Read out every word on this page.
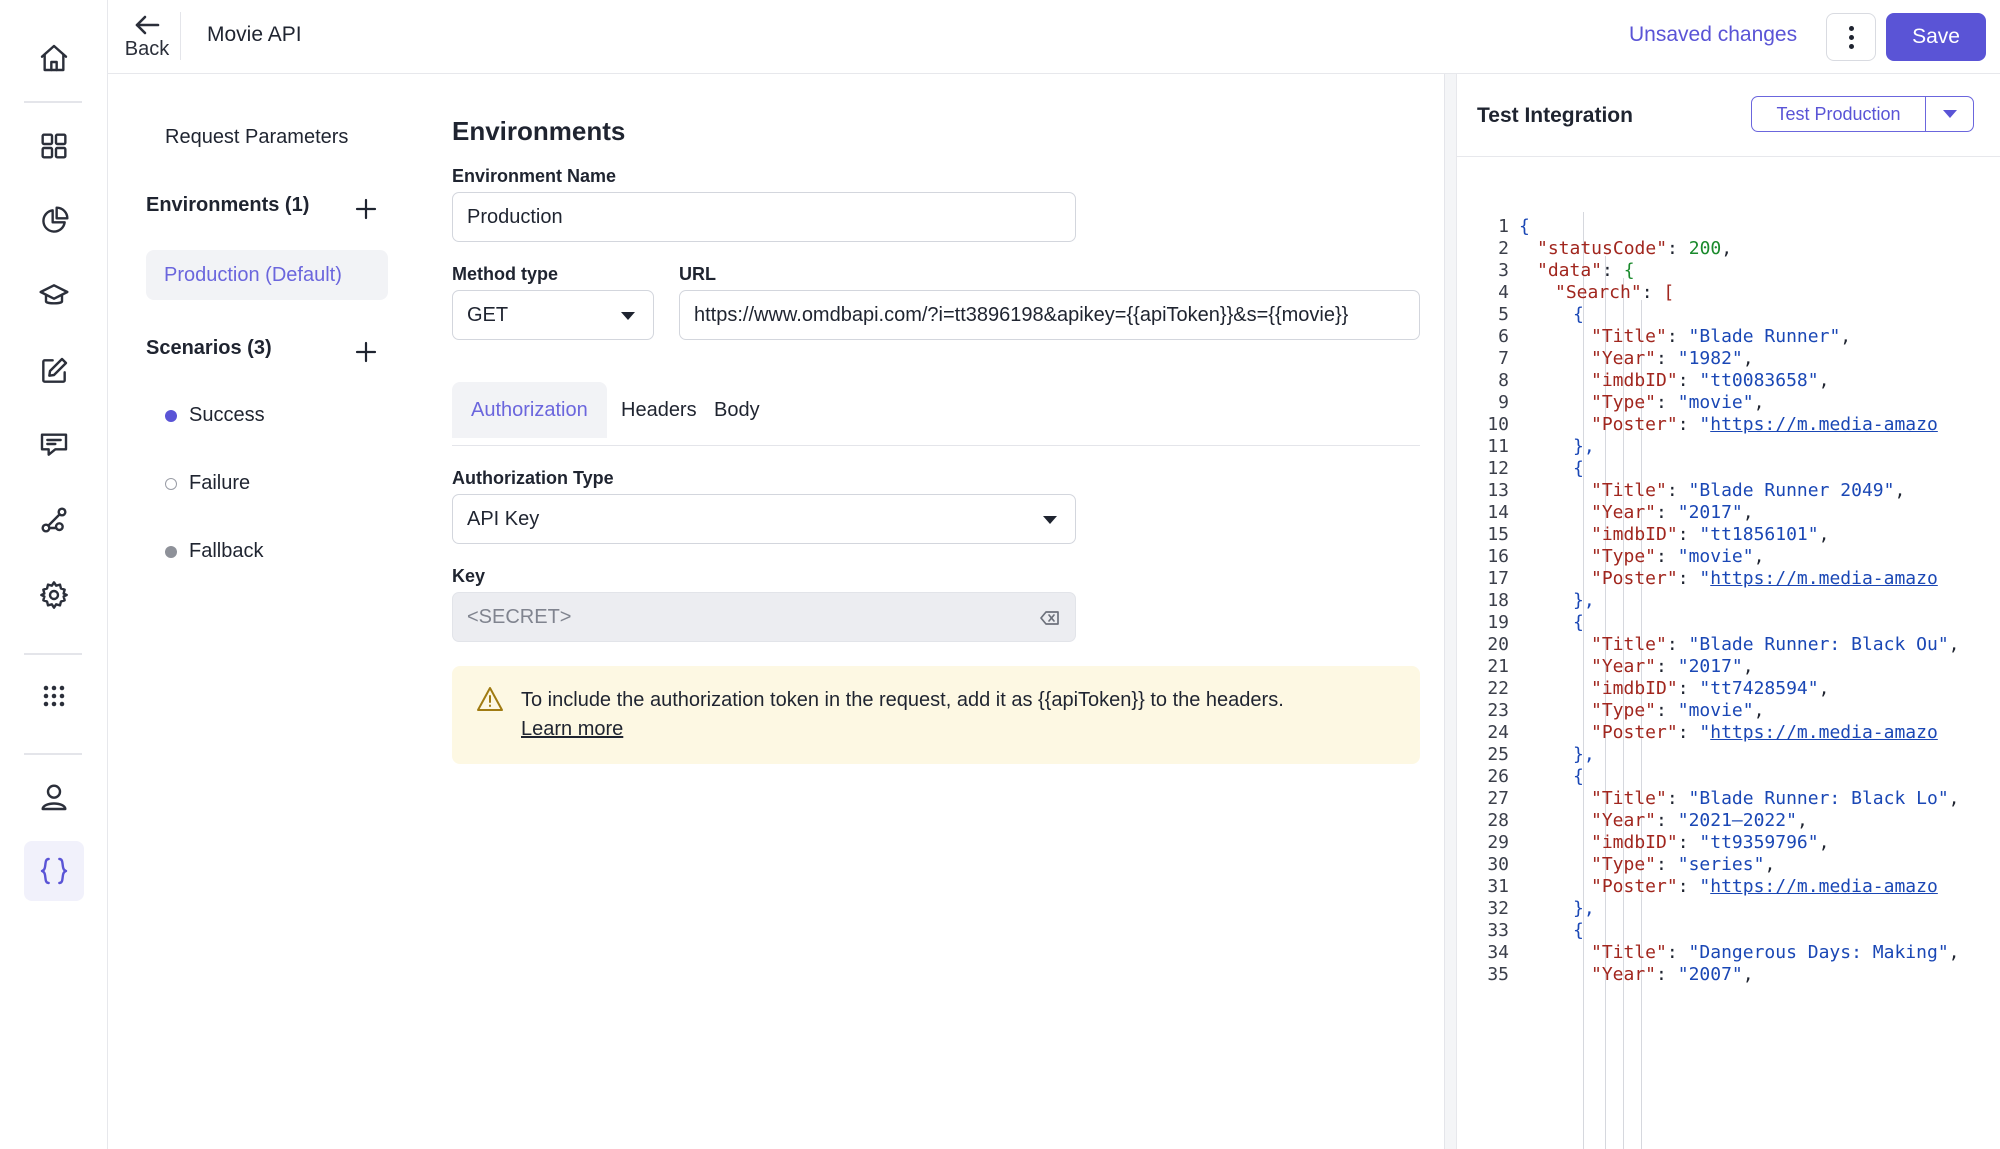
Back
Movie API	Unsaved changes	Save
Request Parameters
Environments (1)
Production (Default)
Scenarios (3)
Success
Failure
Fallback
Environments
Environment Name
Production
Method type
GET
URL
https://www.omdbapi.com/?i=tt3896198&apikey={{apiToken}}&s={{movie}}
Authorization	Headers Body
Authorization Type
API Key
Key
<SECRET>
To include the authorization token in the request, add it as {{apiToken}} to the headers.
Learn more
Test Integration	Test Production
1 {
2 "statusCode": 200,
3 "data": {
4	"Search": [
5	{
6	"Title": "Blade Runner",
7	"Year": "1982",
8	"imdbID": "tt0083658",
9	"Type": "movie",
10	"Poster": "https://m.media-amazo
11	},
12	{
13	"Title": "Blade Runner 2049",
14	"Year": "2017",
15	"imdbID": "tt1856101",
16	"Type": "movie",
17	"Poster": "https://m.media-amazo
18	},
19	{
20	"Title": "Blade Runner: Black Ou",
21	"Year": "2017",
22	"imdbID": "tt7428594",
23	"Type": "movie",
24	"Poster": "https://m.media-amazo
25	},
26	{
27	"Title": "Blade Runner: Black Lo",
28	"Year": "2021–2022",
29	"imdbID": "tt9359796",
30	"Type": "series",
31	"Poster": "https://m.media-amazo
32	},
33	{
34	"Title": "Dangerous Days: Making",
35	"Year": "2007",
